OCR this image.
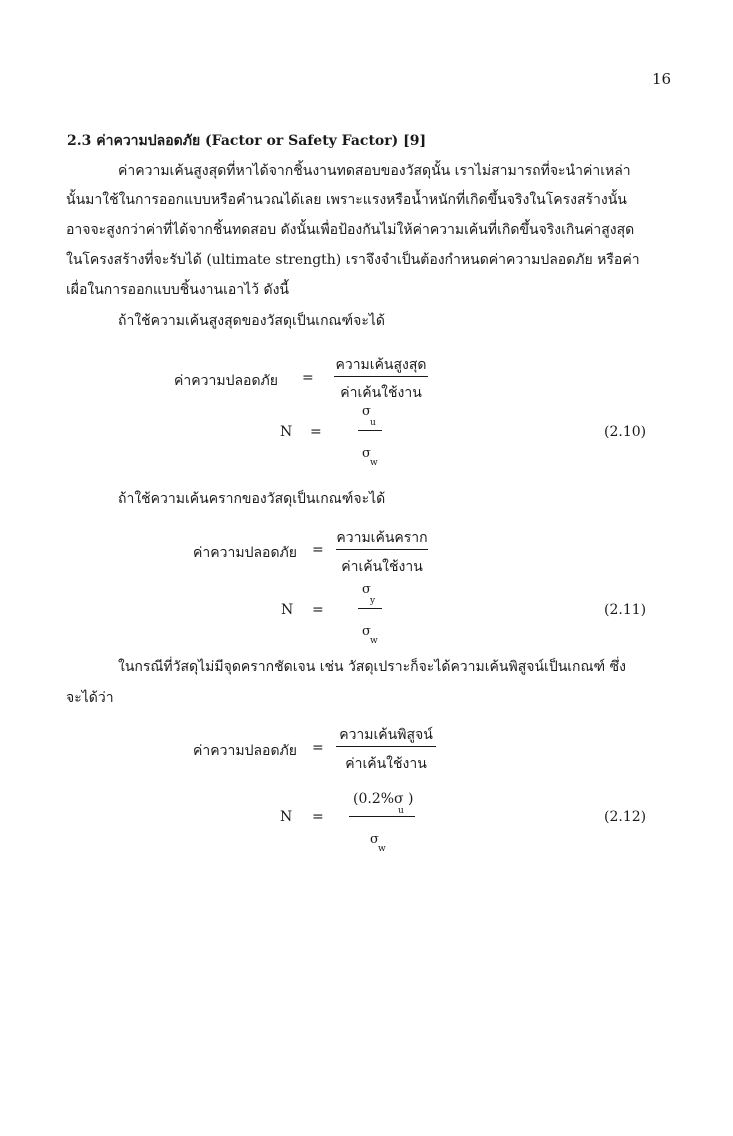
16
2.3 ค่าความปลอดภัย (Factor or Safety Factor) [9]
ค่าความเค้นสูงสุดที่หาได้จากชิ้นงานทดสอบของวัสดุนั้น เราไม่สามารถที่จะนำค่าเหล่า
นั้นมาใช้ในการออกแบบหรือคำนวณได้เลย เพราะแรงหรือน้ำหนักที่เกิดขึ้นจริงในโครงสร้างนั้น
อาจจะสูงกว่าค่าที่ได้จากชิ้นทดสอบ ดังนั้นเพื่อป้องกันไม่ให้ค่าความเค้นที่เกิดขึ้นจริงเกินค่าสูงสุด
ในโครงสร้างที่จะรับได้ (ultimate strength) เราจึงจำเป็นต้องกำหนดค่าความปลอดภัย หรือค่า
เผื่อในการออกแบบชิ้นงานเอาไว้ ดังนี้
ถ้าใช้ความเค้นสูงสุดของวัสดุเป็นเกณฑ์จะได้
ค่าความปลอดภัย =
ความเค้นสูงสุด
ค่าเค้นใช้งาน
N =
σ
u
σ
w
(2.10)
ถ้าใช้ความเค้นครากของวัสดุเป็นเกณฑ์จะได้
ค่าความปลอดภัย =
ความเค้นคราก
ค่าเค้นใช้งาน
N =
σ
y
σ
w
(2.11)
ในกรณีที่วัสดุไม่มีจุดครากชัดเจน เช่น วัสดุเปราะก็จะได้ความเค้นพิสูจน์เป็นเกณฑ์ ซึ่ง
จะได้ว่า
ค่าความปลอดภัย =
ความเค้นพิสูจน์
ค่าเค้นใช้งาน
N =
(0.2%σ )
u
σ
w
(2.12)
